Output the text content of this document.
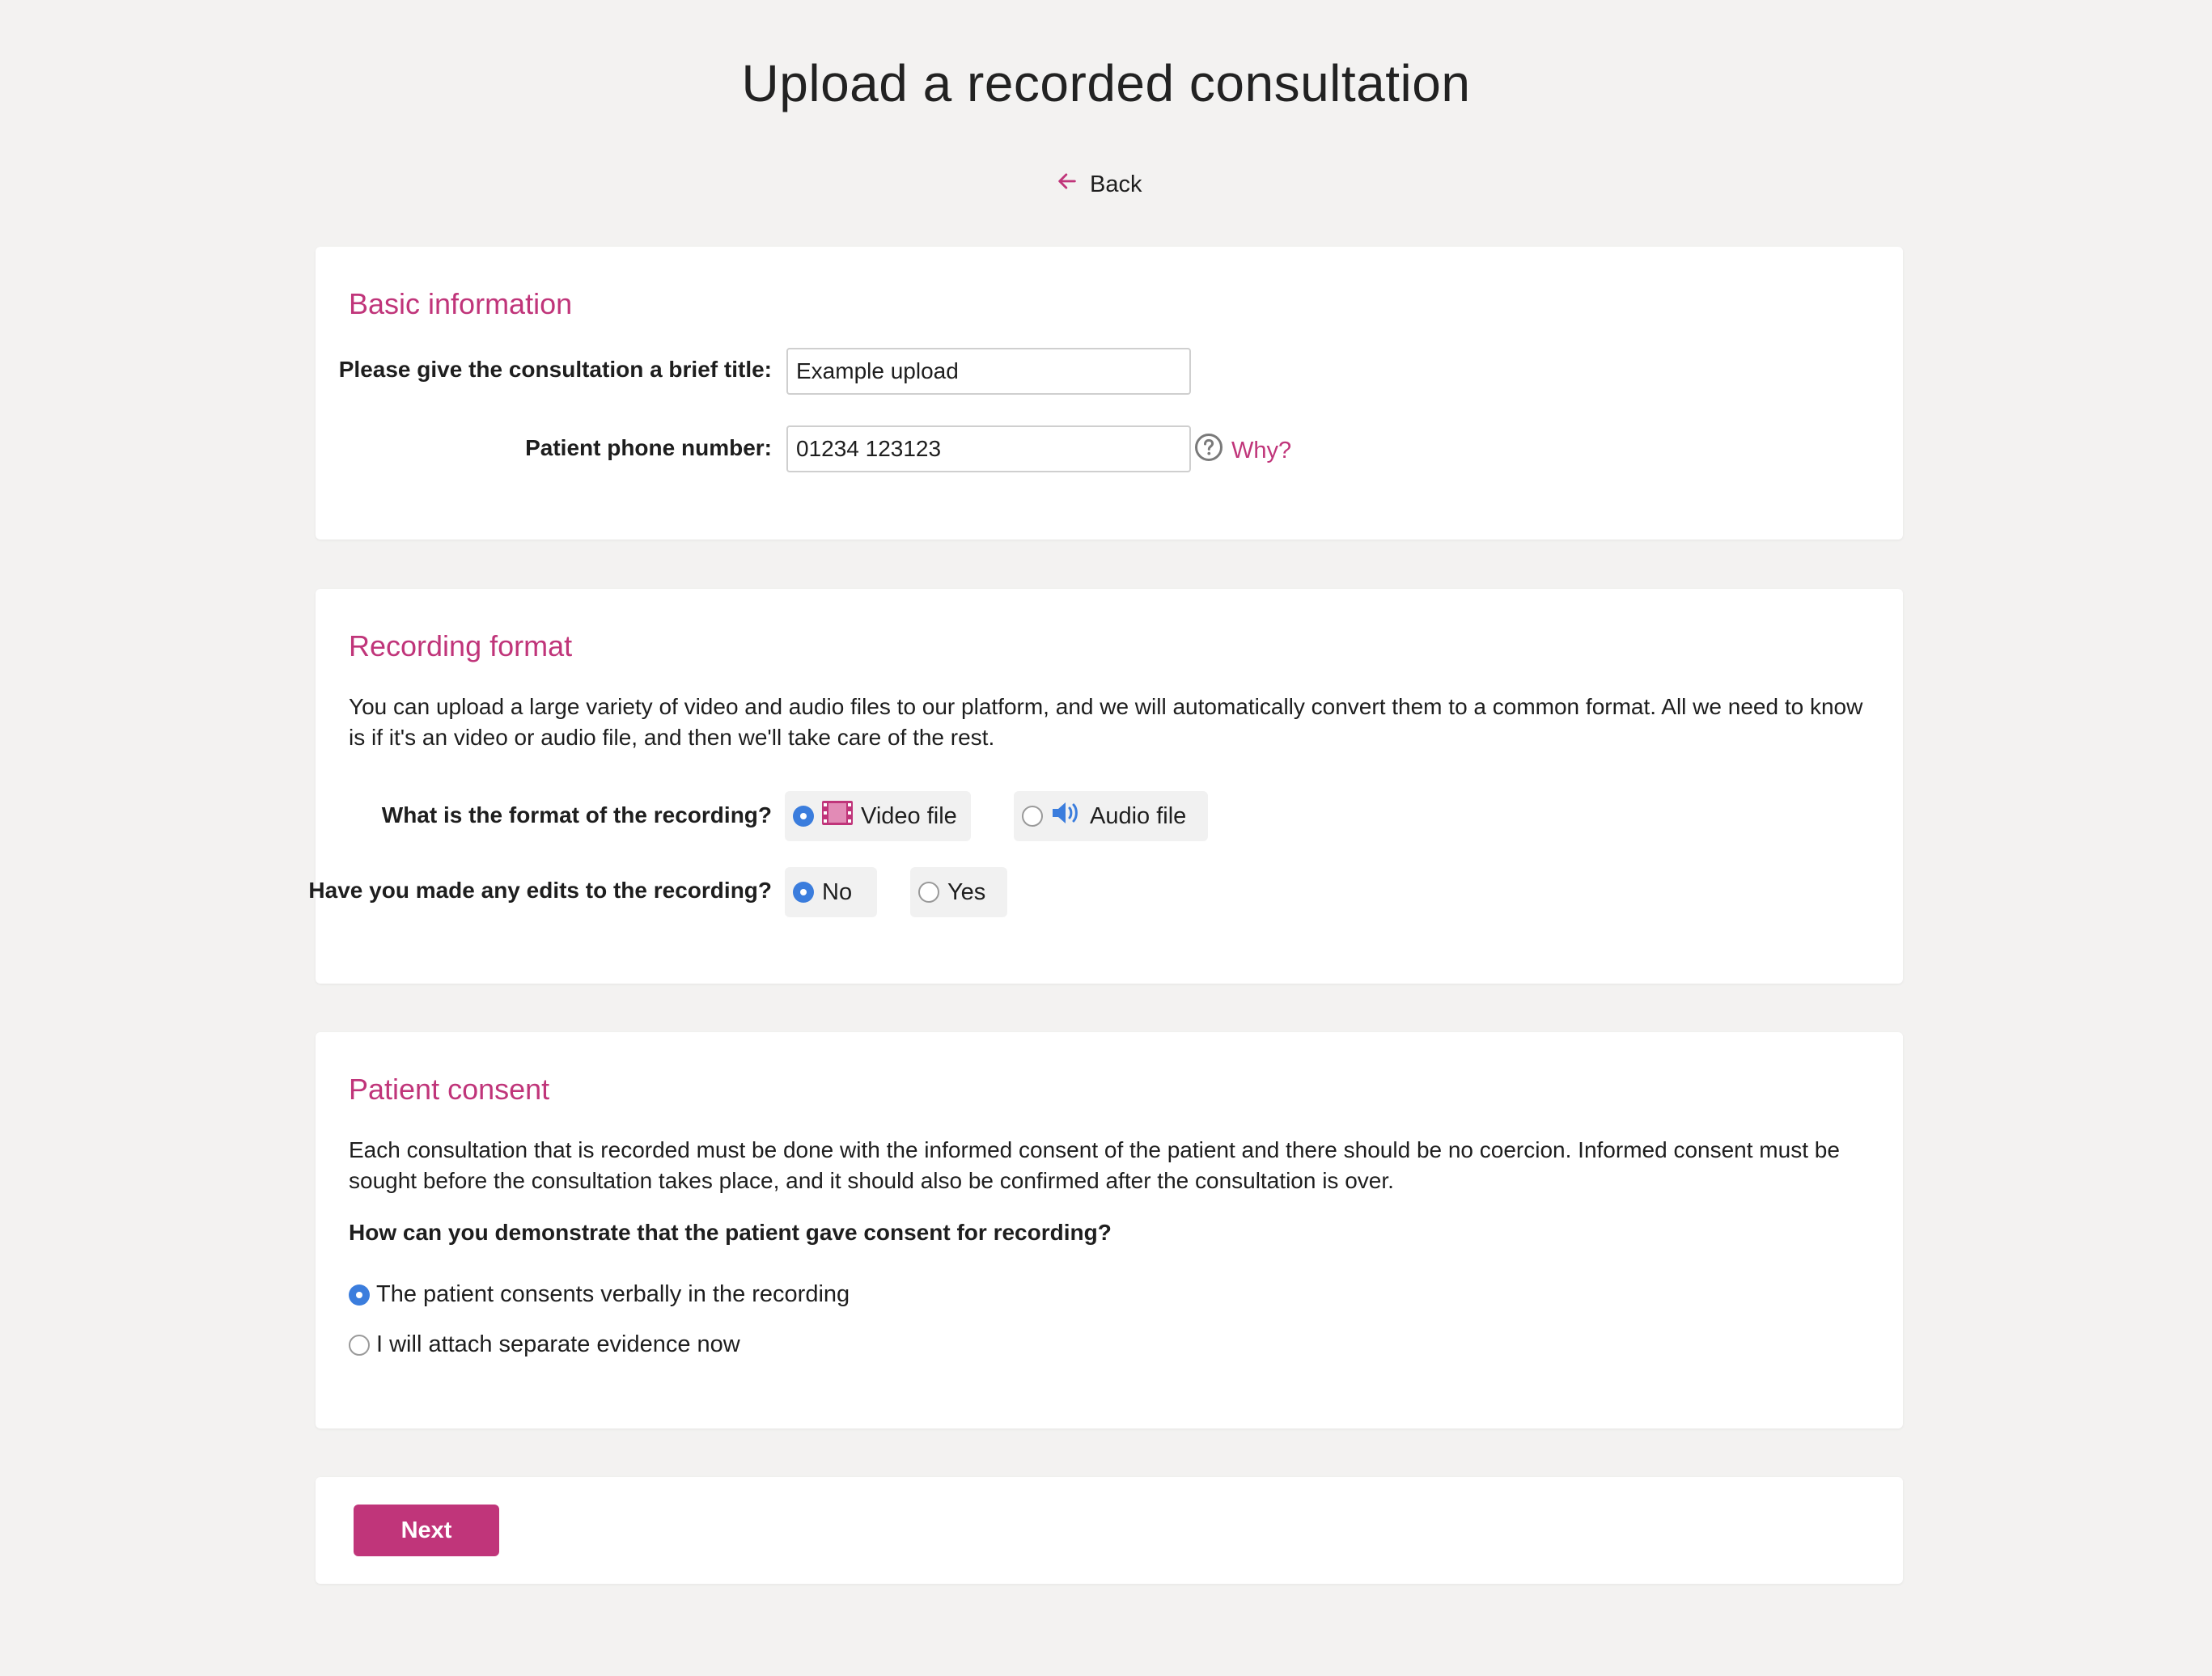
Upload a recorded consultation
Back
Basic information
Please give the consultation a brief title:
Example upload
Patient phone number:
01234 123123	Why?
Recording format
You can upload a large variety of video and audio files to our platform, and we will automatically convert them to a common format. All we need to know is if it's an video or audio file, and then we'll take care of the rest.
What is the format of the recording?	Video file	Audio file
Have you made any edits to the recording? No	Yes
Patient consent
Each consultation that is recorded must be done with the informed consent of the patient and there should be no coercion. Informed consent must be sought before the consultation takes place, and it should also be confirmed after the consultation is over.
How can you demonstrate that the patient gave consent for recording?
The patient consents verbally in the recording
I will attach separate evidence now
Next
